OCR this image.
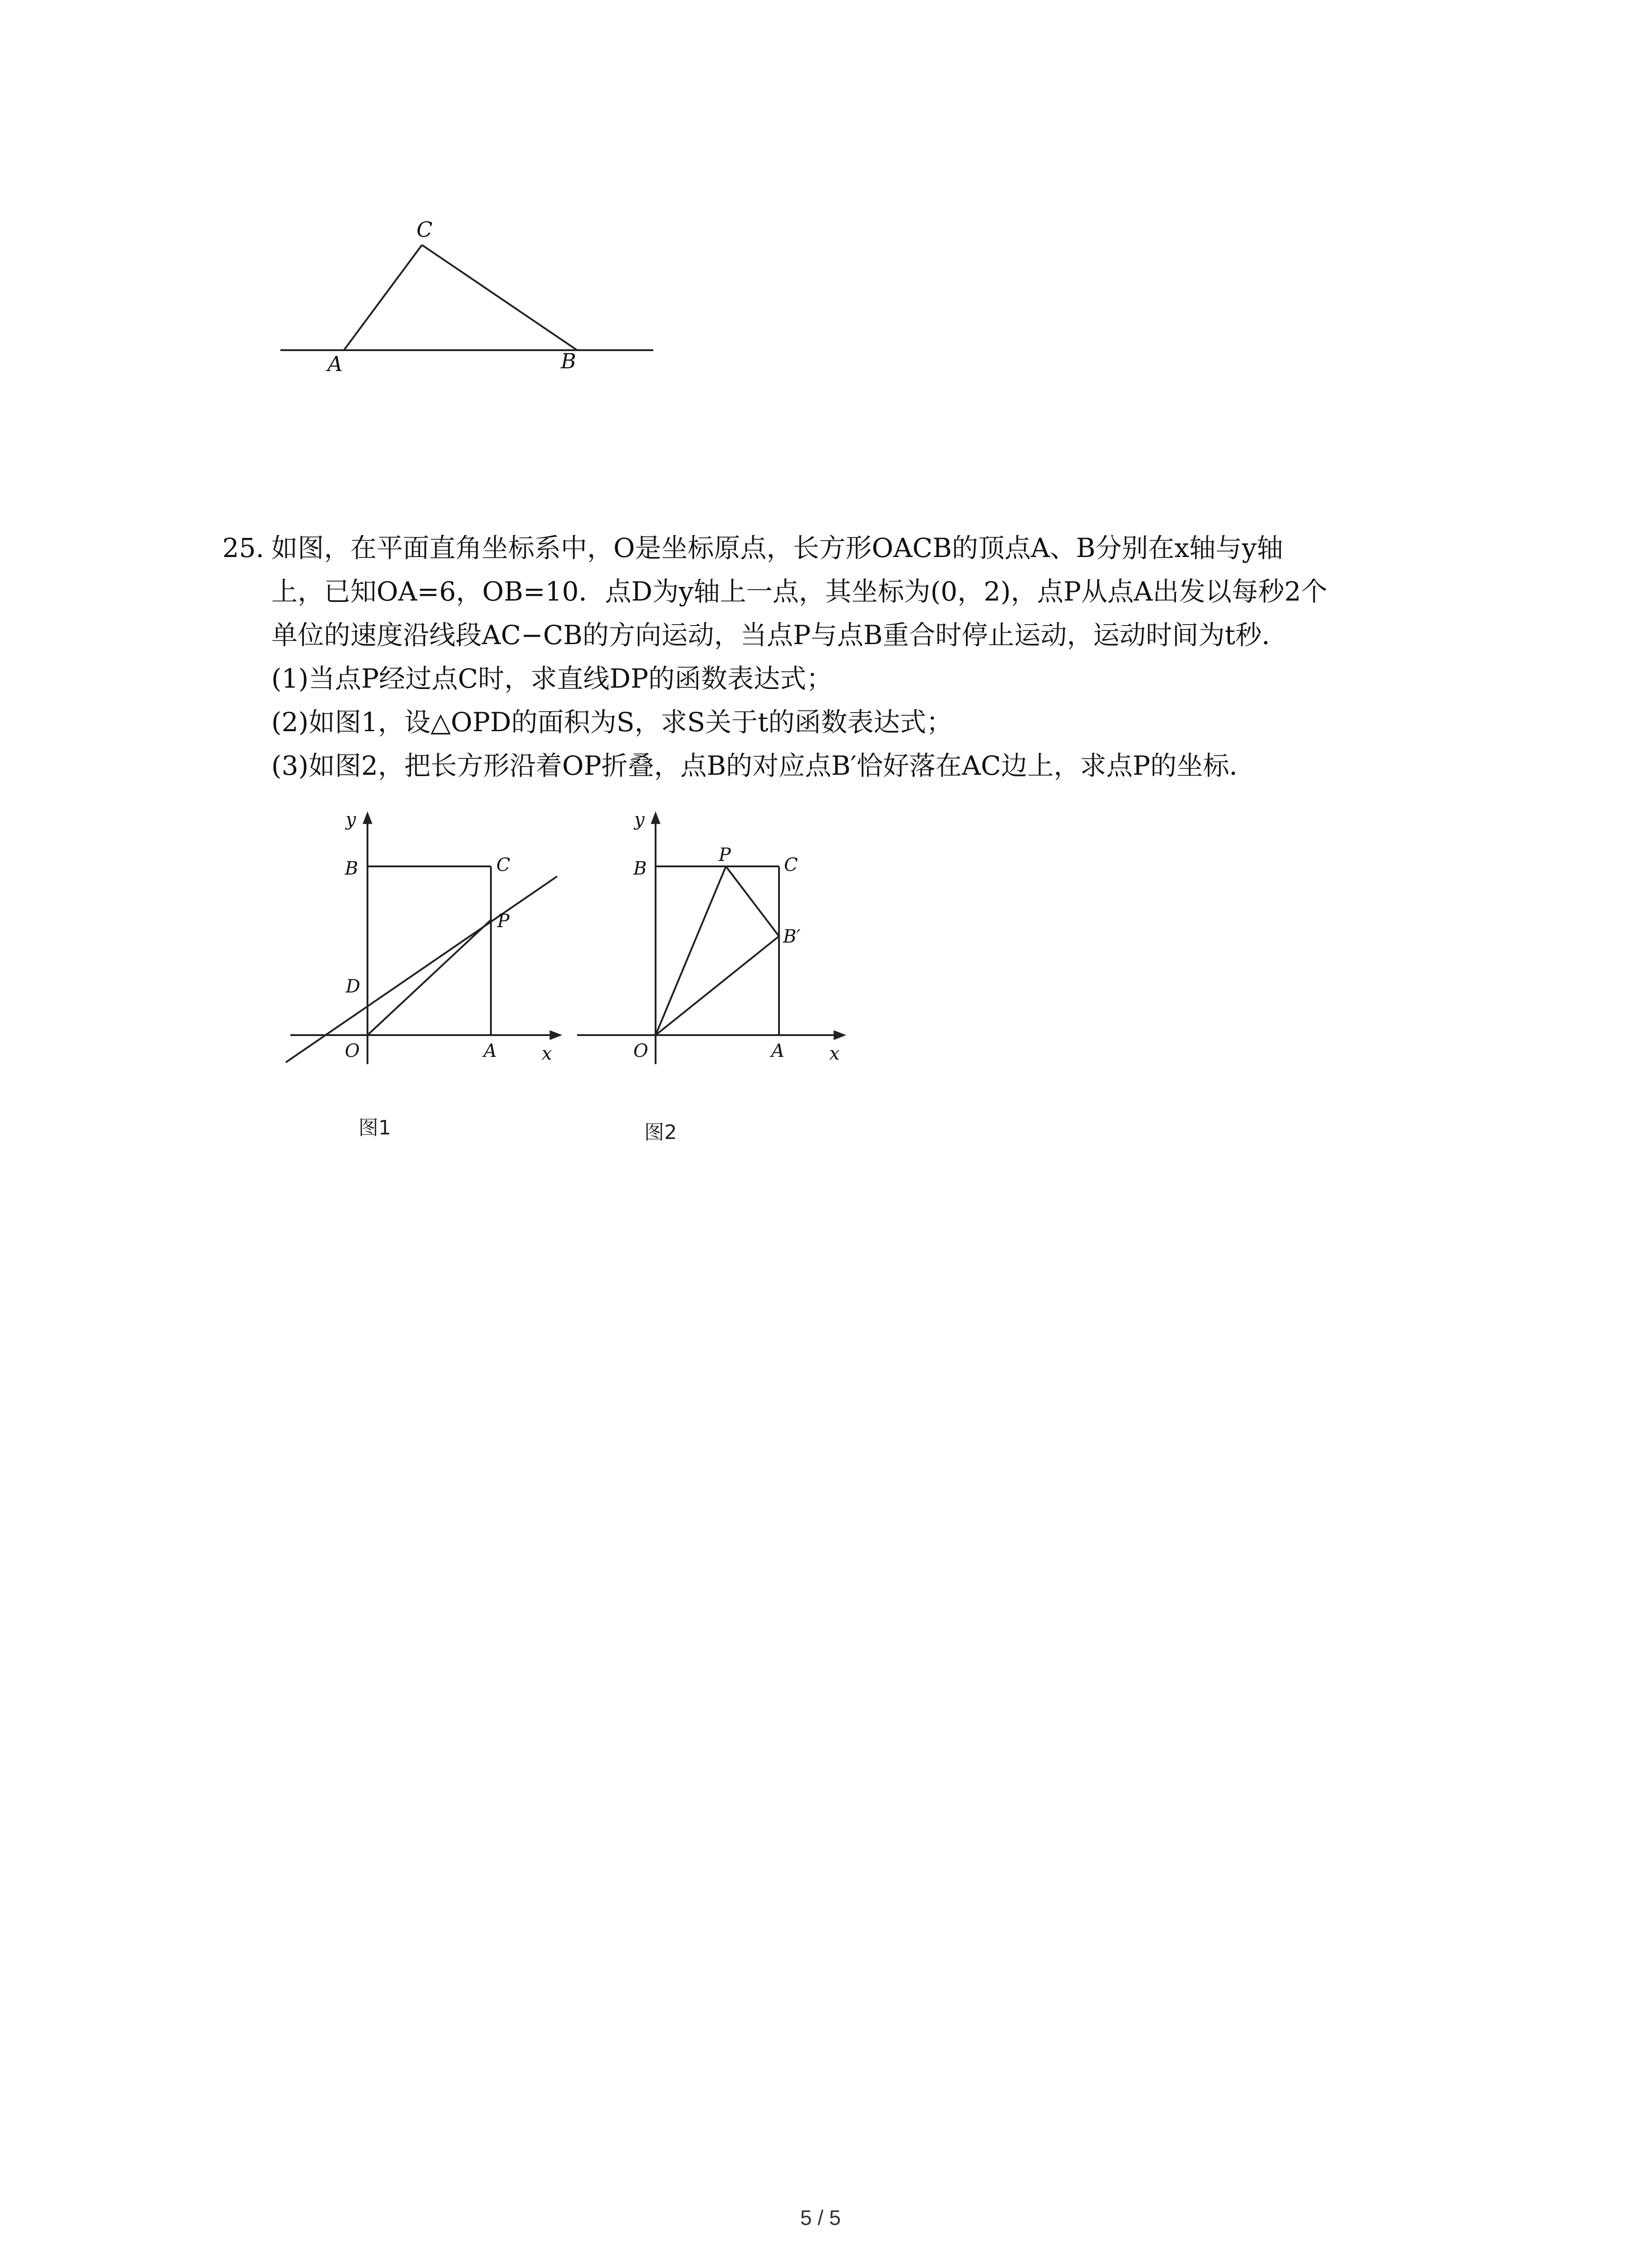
C
A	B
25. 如图，在平面直角坐标系中，O是坐标原点，长方形OACB的顶点A、B分别在x轴与y轴
上，已知OA=6，OB=10．点D为y轴上一点，其坐标为(0，2)，点P从点A出发以每秒2个
单位的速度沿线段AC−CB的方向运动，当点P与点B重合时停止运动，运动时间为t秒．
(1)当点P经过点C时，求直线DP的函数表达式；
(2)如图1，设△OPD的面积为S，求S关于t的函数表达式；
(3)如图2，把长方形沿着OP折叠，点B的对应点B′恰好落在AC边上，求点P的坐标．
y
B	C
P
D
O	A x
图1
y
B
P	C
B′
O	A x
图2
5 / 5
